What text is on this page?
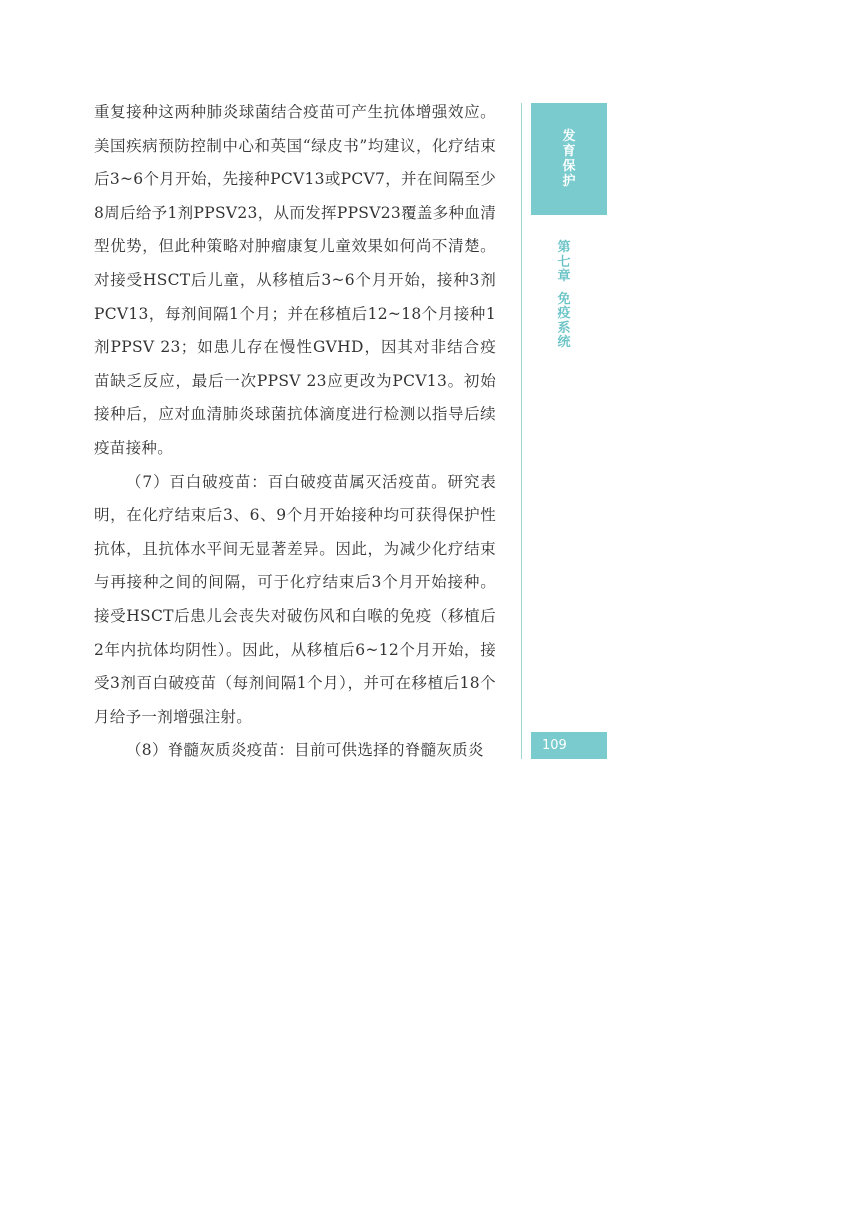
重复接种这两种肺炎球菌结合疫苗可产生抗体增强效应。美国疾病预防控制中心和英国“绿皮书”均建议，化疗结束后3~6个月开始，先接种PCV13或PCV7，并在间隔至少8周后给予1剂PPSV23，从而发挥PPSV23覆盖多种血清型优势，但此种策略对肿瘤康复儿童效果如何尚不清楚。对接受HSCT后儿童，从移植后3~6个月开始，接种3剂PCV13，每剂间隔1个月；并在移植后12~18个月接种1剂PPSV 23；如患儿存在慢性GVHD，因其对非结合疫苗缺乏反应，最后一次PPSV 23应更改为PCV13。初始接种后，应对血清肺炎球菌抗体滴度进行检测以指导后续疫苗接种。

（7）百白破疫苗：百白破疫苗属灭活疫苗。研究表明，在化疗结束后3、6、9个月开始接种均可获得保护性抗体，且抗体水平间无显著差异。因此，为减少化疗结束与再接种之间的间隔，可于化疗结束后3个月开始接种。接受HSCT后患儿会丧失对破伤风和白喉的免疫（移植后2年内抗体均阴性）。因此，从移植后6~12个月开始，接受3剂百白破疫苗（每剂间隔1个月），并可在移植后18个月给予一剂增强注射。

（8）脊髓灰质炎疫苗：目前可供选择的脊髓灰质炎

发
育
保
护
第
七
章
免
疫
系
统
109
